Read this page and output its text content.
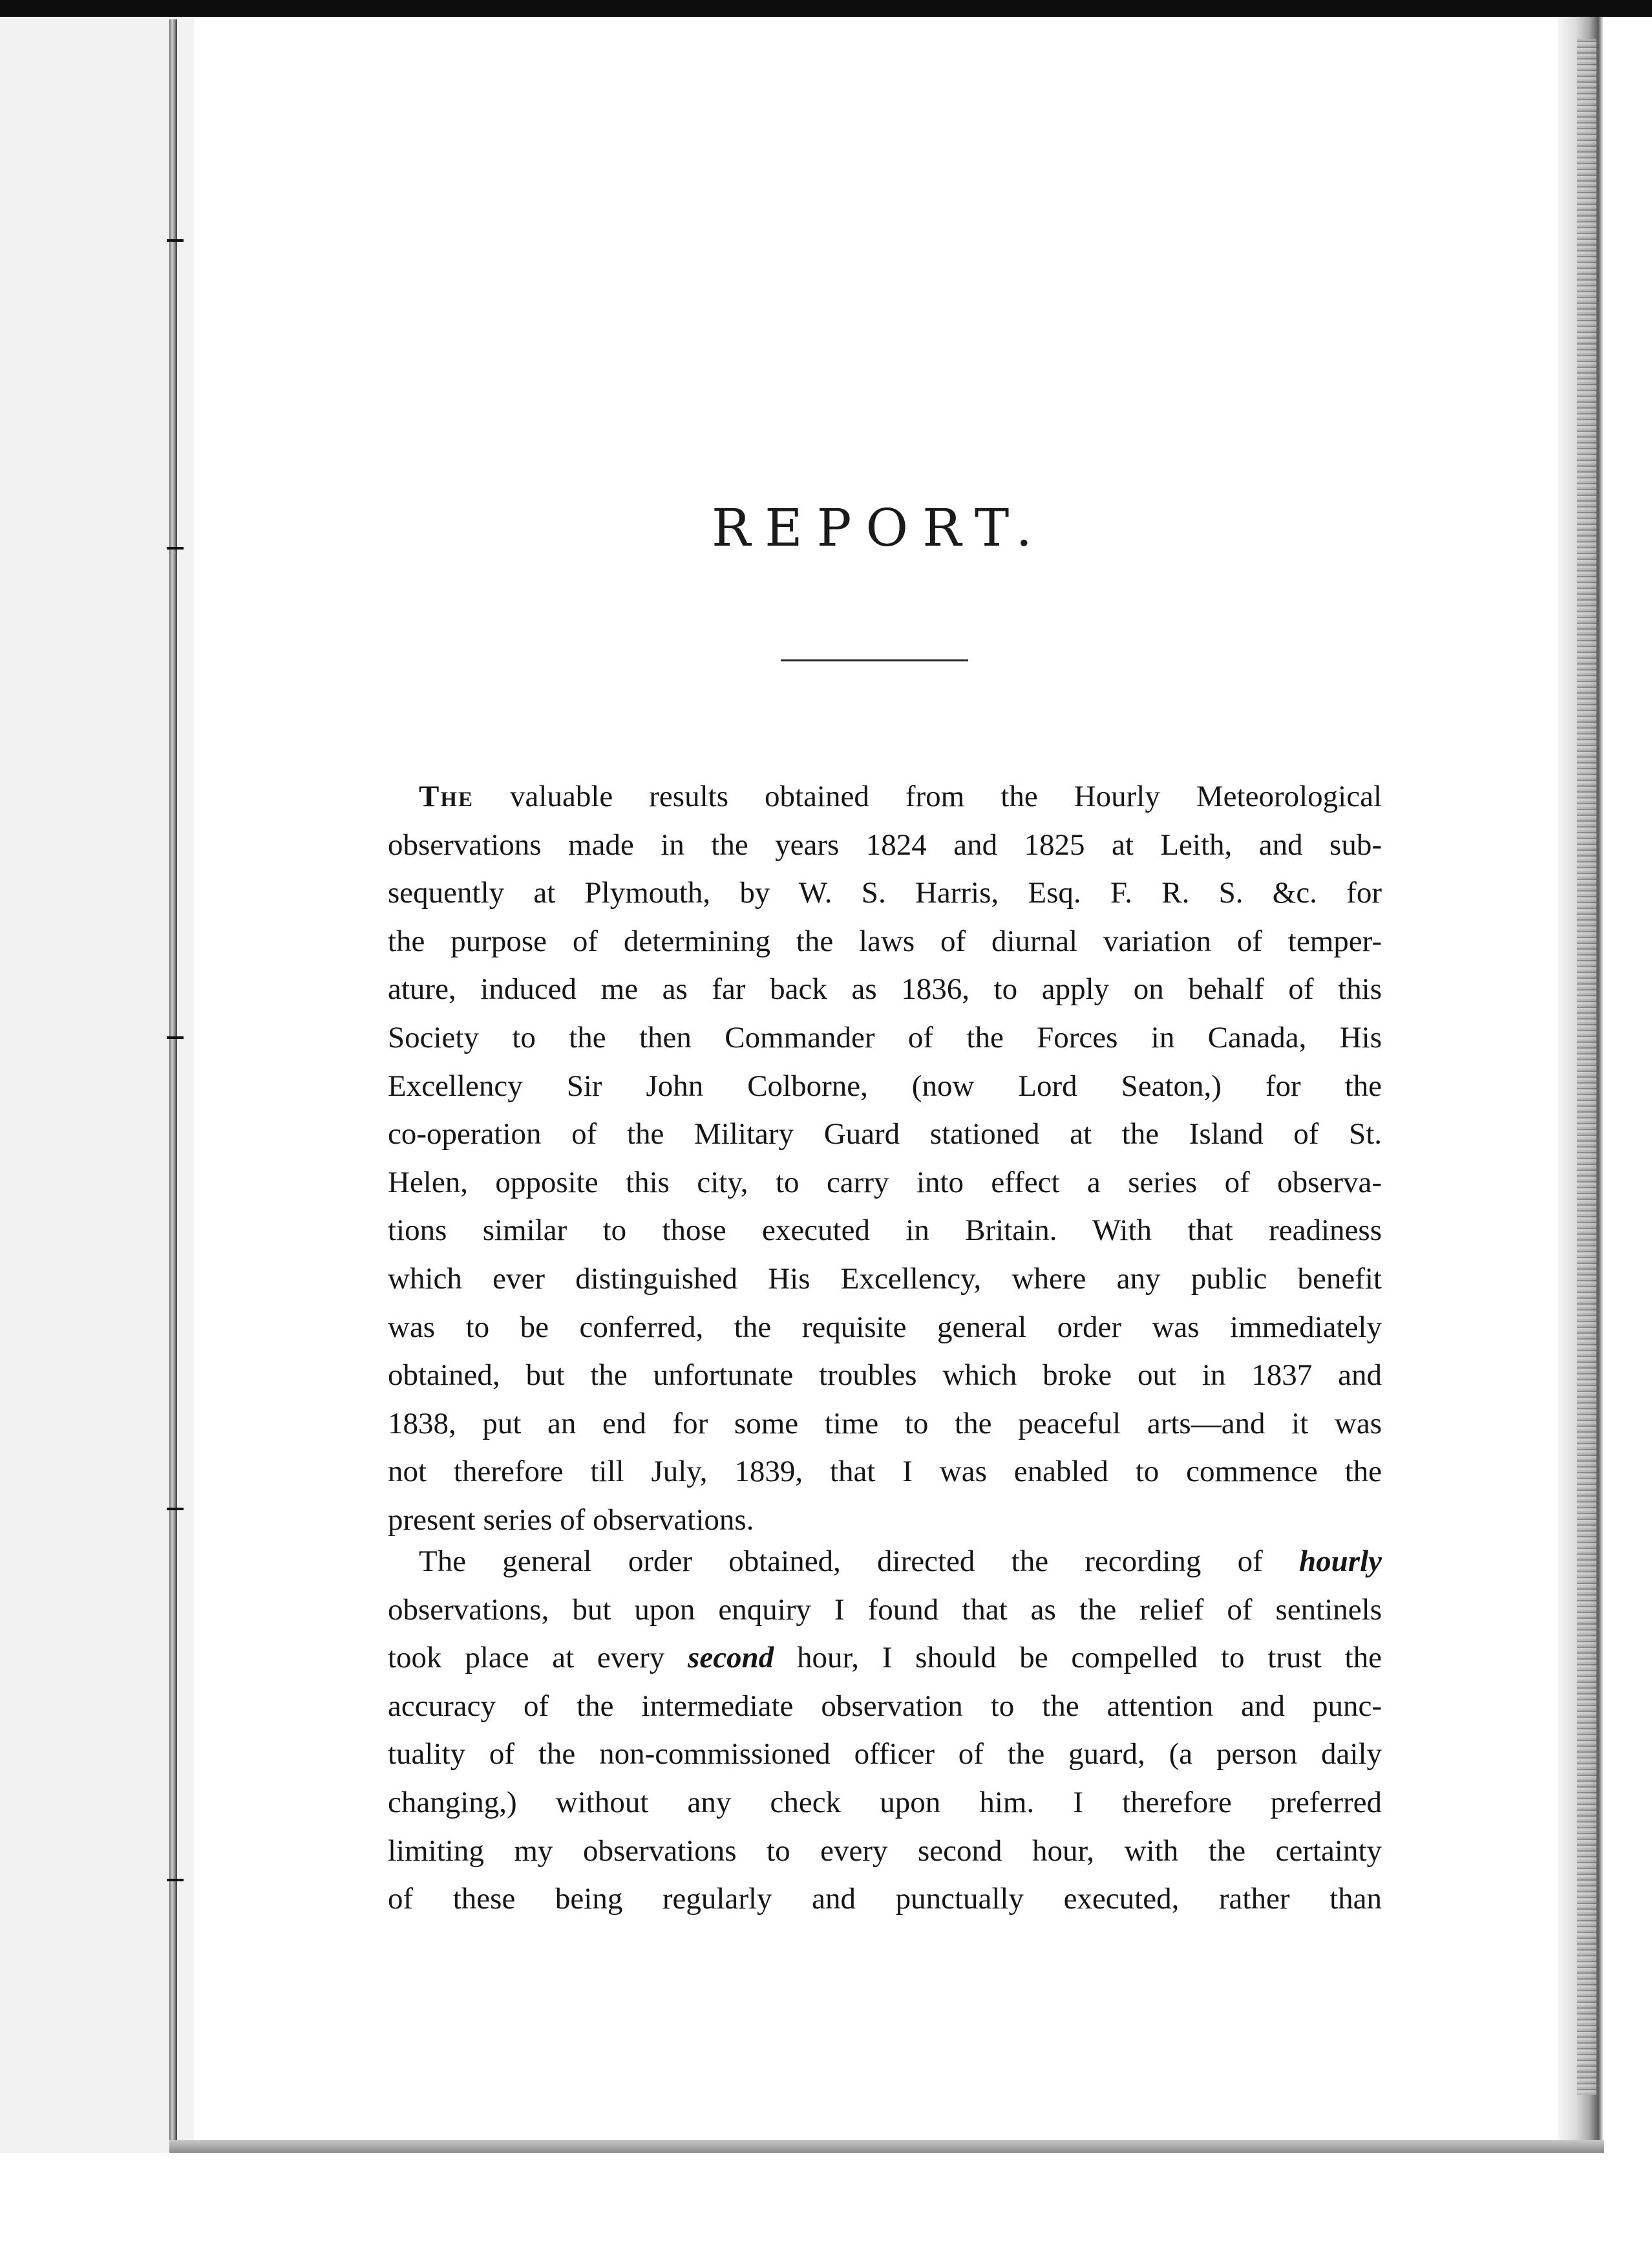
REPORT.
The valuable results obtained from the Hourly Meteorological
observations made in the years 1824 and 1825 at Leith, and sub-
sequently at Plymouth, by W. S. Harris, Esq. F. R. S. &c. for
the purpose of determining the laws of diurnal variation of temper-
ature, induced me as far back as 1836, to apply on behalf of this
Society to the then Commander of the Forces in Canada, His
Excellency Sir John Colborne, (now Lord Seaton,) for the
co-operation of the Military Guard stationed at the Island of St.
Helen, opposite this city, to carry into effect a series of observa-
tions similar to those executed in Britain. With that readiness
which ever distinguished His Excellency, where any public benefit
was to be conferred, the requisite general order was immediately
obtained, but the unfortunate troubles which broke out in 1837 and
1838, put an end for some time to the peaceful arts—and it was
not therefore till July, 1839, that I was enabled to commence the
present series of observations.
The general order obtained, directed the recording of hourly
observations, but upon enquiry I found that as the relief of sentinels
took place at every second hour, I should be compelled to trust the
accuracy of the intermediate observation to the attention and punc-
tuality of the non-commissioned officer of the guard, (a person daily
changing,) without any check upon him. I therefore preferred
limiting my observations to every second hour, with the certainty
of these being regularly and punctually executed, rather than
